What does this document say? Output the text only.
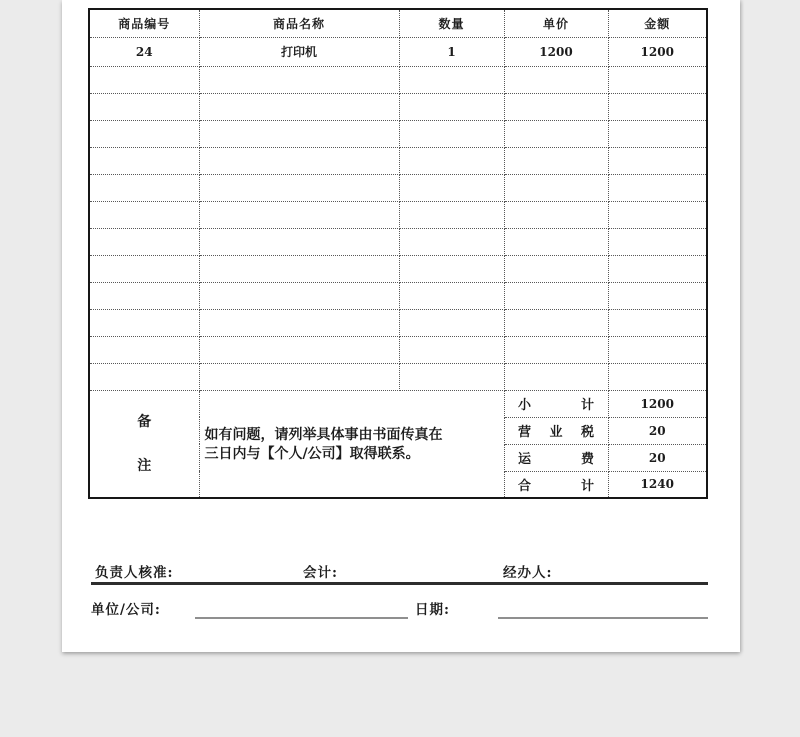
商品编号	商品名称	数量	单价	金额
24	打印机	1	1200	1200

备注	如有问题，请列举具体事由书面传真在三日内与【个人/公司】取得联系。		小计	1200

			营业税	20

			运费	20

			合计	1240
负责人核准:	会计:	经办人:
单位/公司:	日期:
